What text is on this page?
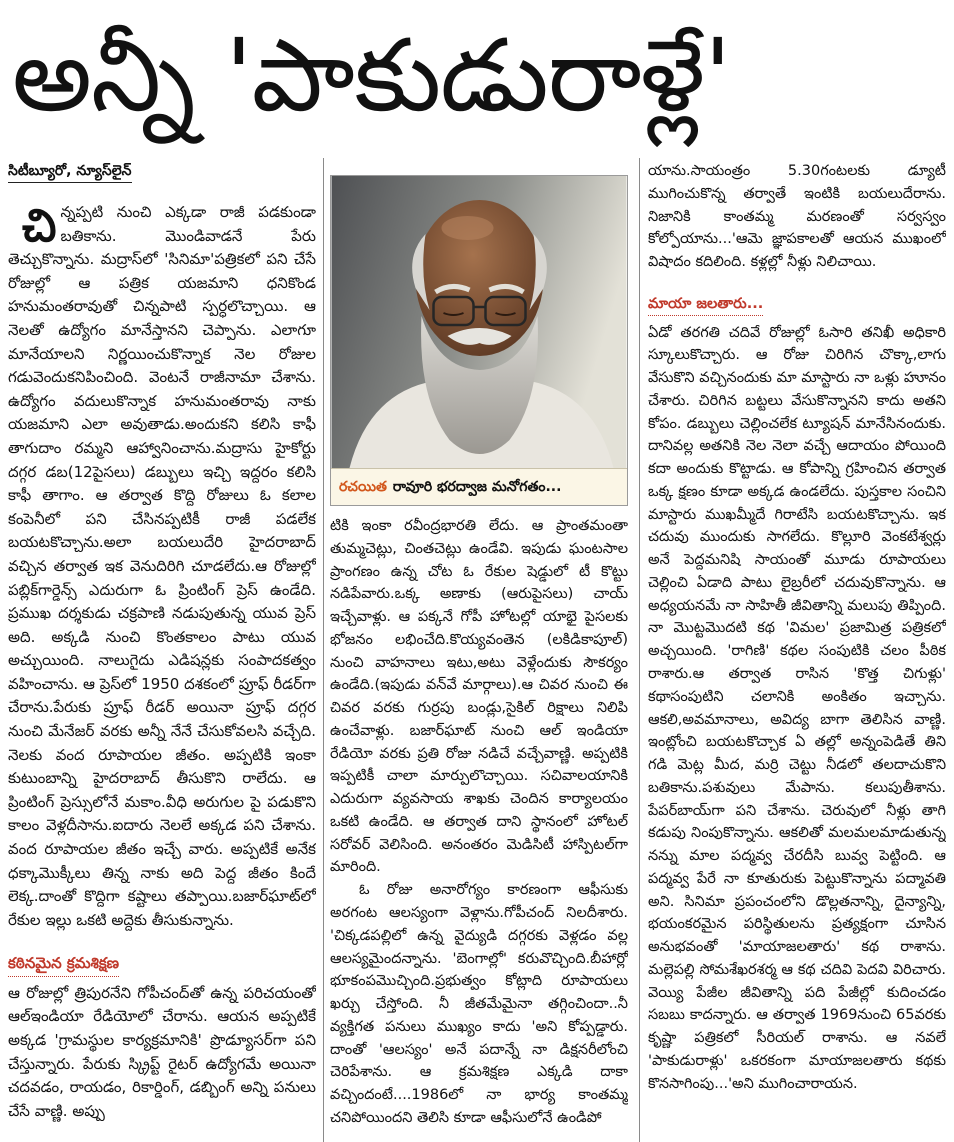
అన్నీ 'పాకుడురాళ్లే'
సిటీబ్యూరో, న్యూస్‌లైన్

చిన్నప్పటి నుంచి ఎక్కడా రాజీ పడకుండా బతికాను. మొండివాడనే పేరు తెచ్చుకొన్నాను. మద్రాస్‌లో 'సినిమా'పత్రికలో పని చేసే రోజుల్లో ఆ పత్రిక యజమాని ధనికొండ హనుమంతరావుతో చిన్నపాటి స్పర్ధలొచ్చాయి. ఆ నెలతో ఉద్యోగం మానేస్తానని చెప్పాను. ఎలాగూ మానేయాలని నిర్ణయించుకొన్నాక నెల రోజుల గడువెందుకనిపించింది. వెంటనే రాజీనామా చేశాను. ఉద్యోగం వదులుకొన్నాక హనుమంతరావు నాకు యజమాని ఎలా అవుతాడు.అందుకని కలిసి కాఫీ తాగుదాం రమ్మని ఆహ్వానించాను.మద్రాసు హైకోర్టు దగ్గర డబ(12పైసలు) డబ్బులు ఇచ్చి ఇద్దరం కలిసి కాఫీ తాగాం. ఆ తర్వాత కొద్ది రోజులు ఓ కలాల కంపెనీలో పని చేసినప్పటికీ రాజీ పడలేక బయటకొచ్చాను.అలా బయలుదేరి హైదరాబాద్ వచ్చిన తర్వాత ఇక వెనుదిరిగి చూడలేదు.ఆ రోజుల్లో పబ్లిక్‌గార్డెన్స్ ఎదురుగా ఓ ప్రింటింగ్ ప్రెస్ ఉండేది. ప్రముఖ దర్శకుడు చక్రపాణి నడుపుతున్న యువ ప్రెస్ అది. అక్కడి నుంచి కొంతకాలం పాటు యువ అచ్చుయింది. నాలుగైదు ఎడిషన్లకు సంపాదకత్వం వహించాను. ఆ ప్రెస్‌లో 1950 దశకంలో ప్రూఫ్ రీడర్‌గా చేరాను.పేరుకు ప్రూఫ్ రీడర్ అయినా ప్రూఫ్ దగ్గర నుంచి మేనేజర్ వరకు అన్నీ నేనే చేసుకోవలసి వచ్చేది. నెలకు వంద రూపాయల జీతం. అప్పటికి ఇంకా కుటుంబాన్ని హైదరాబాద్ తీసుకొని రాలేదు. ఆ ప్రింటింగ్ ప్రెస్సులోనే మకాం.వీధి అరుగుల పై పడుకొని కాలం వెళ్లదీసాను.ఐదారు నెలలే అక్కడ పని చేశాను. వంద రూపాయల జీతం ఇచ్చే వారు. అప్పటికే అనేక ధక్కామొక్కీలు తిన్న నాకు అది పెద్ద జీతం కిందే లెక్క.దాంతో కొద్దిగా కష్టాలు తప్పాయి.బజార్‌ఘాట్‌లో రేకుల ఇల్లు ఒకటి అద్దెకు తీసుకున్నాను.

కఠినమైన క్రమశిక్షణ

ఆ రోజుల్లో త్రిపురనేని గోపీచంద్‌తో ఉన్న పరిచయంతో ఆల్‌ఇండియా రేడియోలో చేరాను. ఆయన అప్పటికే అక్కడ 'గ్రామస్థుల కార్యక్రమానికి' ప్రొడ్యూసర్‌గా పని చేస్తున్నారు. పేరుకు స్క్రిప్ట్ రైటర్ ఉద్యోగమే అయినా చదవడం, రాయడం, రికార్డింగ్, డబ్బింగ్ అన్ని పనులు చేసే వాణ్ణి. అప్పు

రచయిత రావూరి భరద్వాజ మనోగతం...

టికి ఇంకా రవీంద్రభారతి లేదు. ఆ ప్రాంతమంతా తుమ్మచెట్లు, చింతచెట్లు ఉండేవి. ఇపుడు ఘంటసాల ప్రాంగణం ఉన్న చోట ఓ రేకుల షెడ్డులో టీ కొట్టు నడిపేవారు.ఒక్క అణాకు (ఆరుపైసలు) చాయ్ ఇచ్చేవాళ్లు. ఆ పక్కనే గోపీ హోటల్లో యాభై పైసలకు భోజనం లభించేది.కొయ్యవంతెన (లకిడికాపూల్) నుంచి వాహనాలు ఇటు,అటు వెళ్లేందుకు సౌకర్యం ఉండేది.(ఇపుడు వన్‌వే మార్గాలు).ఆ చివర నుంచి ఈ చివర వరకు గుర్రపు బండ్లు,సైకిల్ రిక్షాలు నిలిపి ఉంచేవాళ్లు. బజార్‌ఘాట్ నుంచి ఆల్ ఇండియా రేడియో వరకు ప్రతి రోజు నడిచే వచ్చేవాణ్ణి. అప్పటికి ఇప్పటికీ చాలా మార్పులొచ్చాయి. సచివాలయానికి ఎదురుగా వ్యవసాయ శాఖకు చెందిన కార్యాలయం ఒకటి ఉండేది. ఆ తర్వాత దాని స్థానంలో హోటల్ సరోవర్ వెలిసింది. అనంతరం మెడిసిటీ హాస్పిటల్‌గా మారింది.

ఓ రోజు అనారోగ్యం కారణంగా ఆఫీసుకు అరగంట ఆలస్యంగా వెళ్లాను.గోపీచంద్ నిలదీశారు. 'చిక్కడపల్లిలో ఉన్న వైద్యుడి దగ్గరకు వెళ్లడం వల్ల ఆలస్యమైందన్నాను. 'బెంగాల్లో' కరువొచ్చింది.బీహార్లో భూకంపమొచ్చింది.ప్రభుత్వం కోట్లాది రూపాయలు ఖర్చు చేస్తోంది. నీ జీతమేమైనా తగ్గించిందా..నీ వ్యక్తిగత పనులు ముఖ్యం కాదు 'అని కోప్పడ్డారు. దాంతో 'ఆలస్యం' అనే పదాన్నే నా డిక్షనరీలోంచి చెరిపేశాను. ఆ క్రమశిక్షణ ఎక్కడి దాకా వచ్చిందంటే....1986లో నా భార్య కాంతమ్మ చనిపోయిందని తెలిసి కూడా ఆఫీసులోనే ఉండిపో

యాను.సాయంత్రం 5.30గంటలకు డ్యూటీ ముగించుకొన్న తర్వాతే ఇంటికి బయలుదేరాను. నిజానికి కాంతమ్మ మరణంతో సర్వస్వం కోల్పోయాను...'ఆమె జ్ఞాపకాలతో ఆయన ముఖంలో విషాదం కదిలింది. కళ్లల్లో నీళ్లు నిలిచాయి.

మాయా జలతారు...

ఏడో తరగతి చదివే రోజుల్లో ఓసారి తనిఖీ అధికారి స్కూలుకొచ్చారు. ఆ రోజు చిరిగిన చొక్కా,లాగు వేసుకొని వచ్చినందుకు మా మాస్టారు నా ఒళ్లు హూనం చేశారు. చిరిగిన బట్టలు వేసుకొన్నానని కాదు అతని కోపం. డబ్బులు చెల్లించలేక ట్యూషన్ మానేసినందుకు. దానివల్ల అతనికి నెల నెలా వచ్చే ఆదాయం పోయింది కదా అందుకు కొట్టాడు. ఆ కోపాన్ని గ్రహించిన తర్వాత ఒక్క క్షణం కూడా అక్కడ ఉండలేదు. పుస్తకాల సంచిని మాస్టారు ముఖమ్మీదే గిరాటేసి బయటకొచ్చాను. ఇక చదువు ముందుకు సాగలేదు. కొల్లూరి వెంకటేశ్వర్లు అనే పెద్దమనిషి సాయంతో మూడు రూపాయలు చెల్లించి ఏడాది పాటు లైబ్రరీలో చదువుకొన్నాను. ఆ అధ్యయనమే నా సాహితీ జీవితాన్ని మలుపు తిప్పింది. నా మొట్టమొదటి కథ 'విమల' ప్రజామిత్ర పత్రికలో అచ్చయింది. 'రాగిణి' కథల సంపుటికి చలం పీఠిక రాశారు.ఆ తర్వాత రాసిన 'కొత్త చిగుళ్లు' కథాసంపుటిని చలానికి అంకితం ఇచ్చాను. ఆకలి,అవమానాలు, అవిద్య బాగా తెలిసిన వాణ్ణి. ఇంట్లోంచి బయటకొచ్చాక ఏ తల్లో అన్నంపెడితే తిని గడి మెట్ల మీద, మర్రి చెట్టు నీడలో తలదాచుకొని బతికాను.పశువులు మేపాను. కలుపుతీశాను. పేపర్‌బాయ్‌గా పని చేశాను. చెరువులో నీళ్లు తాగి కడుపు నింపుకొన్నాను. ఆకలితో మలమలమాడుతున్న నన్ను మాల పద్మవ్వ చేరదీసి బువ్వ పెట్టింది. ఆ పద్మవ్వ పేరే నా కూతురుకు పెట్టుకొన్నాను పద్మావతి అని. సినిమా ప్రపంచంలోని డొల్లతనాన్ని, దైన్యాన్ని, భయంకరమైన పరిస్థితులను ప్రత్యక్షంగా చూసిన అనుభవంతో 'మాయాజలతారు' కథ రాశాను. మల్లెపల్లి సోమశేఖరశర్మ ఆ కథ చదివి పెదవి విరిచారు. వెయ్యి పేజీల జీవితాన్ని పది పేజీల్లో కుదించడం సబబు కాదన్నారు. ఆ తర్వాత 1969నుంచి 65వరకు కృష్ణా పత్రికలో సీరియల్ రాశాను. ఆ నవలే 'పాకుడురాళ్లు' ఒకరకంగా మాయాజలతారు కథకు కొనసాగింపు...'అని ముగించారాయన.
